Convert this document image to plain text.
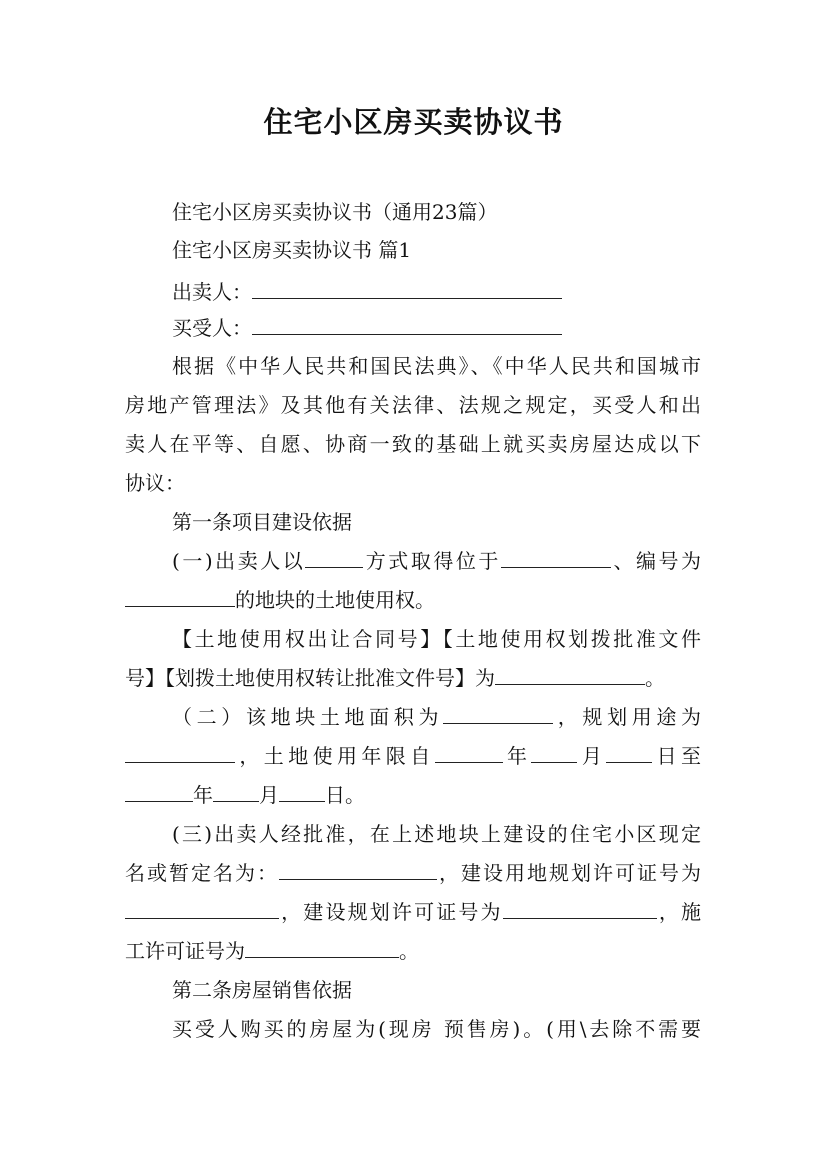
住宅小区房买卖协议书
住宅小区房买卖协议书（通用23篇）
住宅小区房买卖协议书 篇1
出卖人：
买受人：
根据《中华人民共和国民法典》、《中华人民共和国城市
房地产管理法》及其他有关法律、法规之规定，买受人和出
卖人在平等、自愿、协商一致的基础上就买卖房屋达成以下
协议：
第一条项目建设依据
(一)出卖人以	方式取得位于	、编号为
的地块的土地使用权。
【土地使用权出让合同号】【土地使用权划拨批准文件
号】【划拨土地使用权转让批准文件号】为	。
（二）该地块土地面积为	，规划用途为
，土地使用年限自	年 月 日至
年 月 日。
(三)出卖人经批准，在上述地块上建设的住宅小区现定
名或暂定名为：	，建设用地规划许可证号为
，建设规划许可证号为	，施
工许可证号为	。
第二条房屋销售依据
买受人购买的房屋为(现房 预售房)。(用\去除不需要
